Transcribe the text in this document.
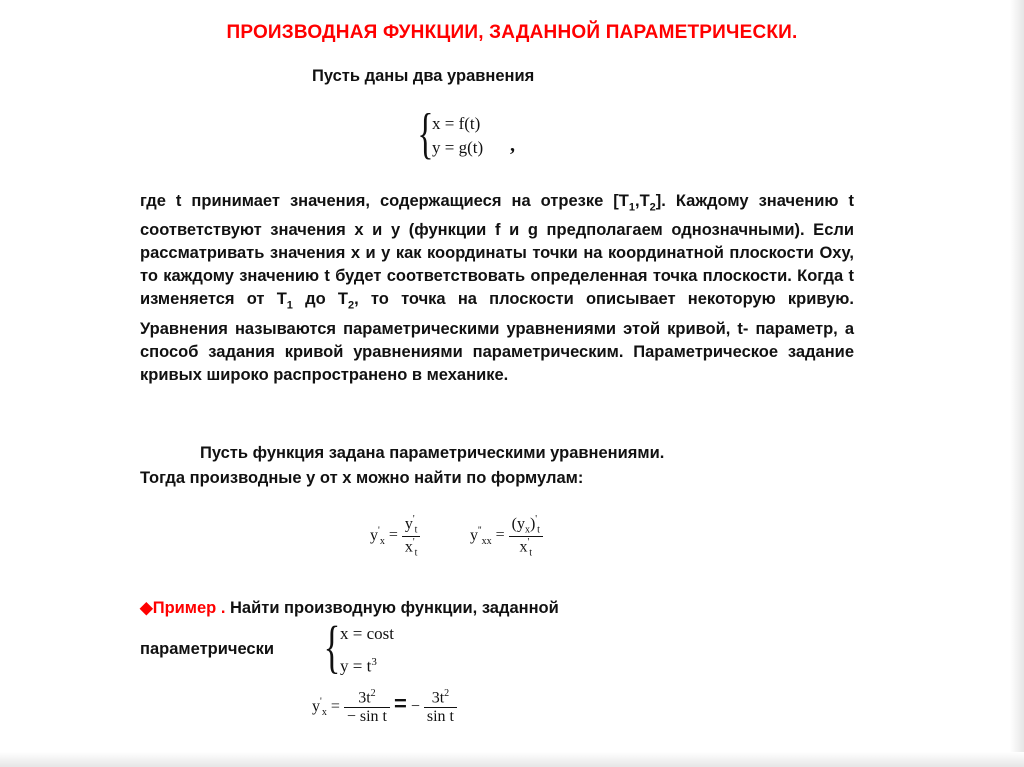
ПРОИЗВОДНАЯ ФУНКЦИИ, ЗАДАННОЙ ПАРАМЕТРИЧЕСКИ.
Пусть даны два уравнения
{
x = f(t)
y = g(t) ,

где t принимает значения, содержащиеся на отрезке $[T_1,T_2]$. Каждому значению t соответствуют значения x и y (функции f и g предполагаем однозначными). Если рассматривать значения x и y как координаты точки на координатной плоскости Oxy, то каждому значению t будет соответствовать определенная точка плоскости. Когда t изменяется от $T_1$ до $T_2$, то точка на плоскости описывает некоторую кривую. Уравнения называются параметрическими уравнениями этой кривой, t- параметр, а способ задания кривой уравнениями параметрическим. Параметрическое задание кривых широко распространено в механике.

Пусть функция задана параметрическими уравнениями.
Тогда производные y от x можно найти по формулам:
$y'_x = \frac{y'_t}{x'_t}$	$y''_{xx} = \frac{(y_x)'_t}{x'_t}$
◆Пример . Найти производную функции, заданной
параметрически { x = cost
$y = t^3$
$y'_x = \frac{3t^2}{\text{− sin t}}$ = − $\frac{3t^2}{\text{sin t}}$
